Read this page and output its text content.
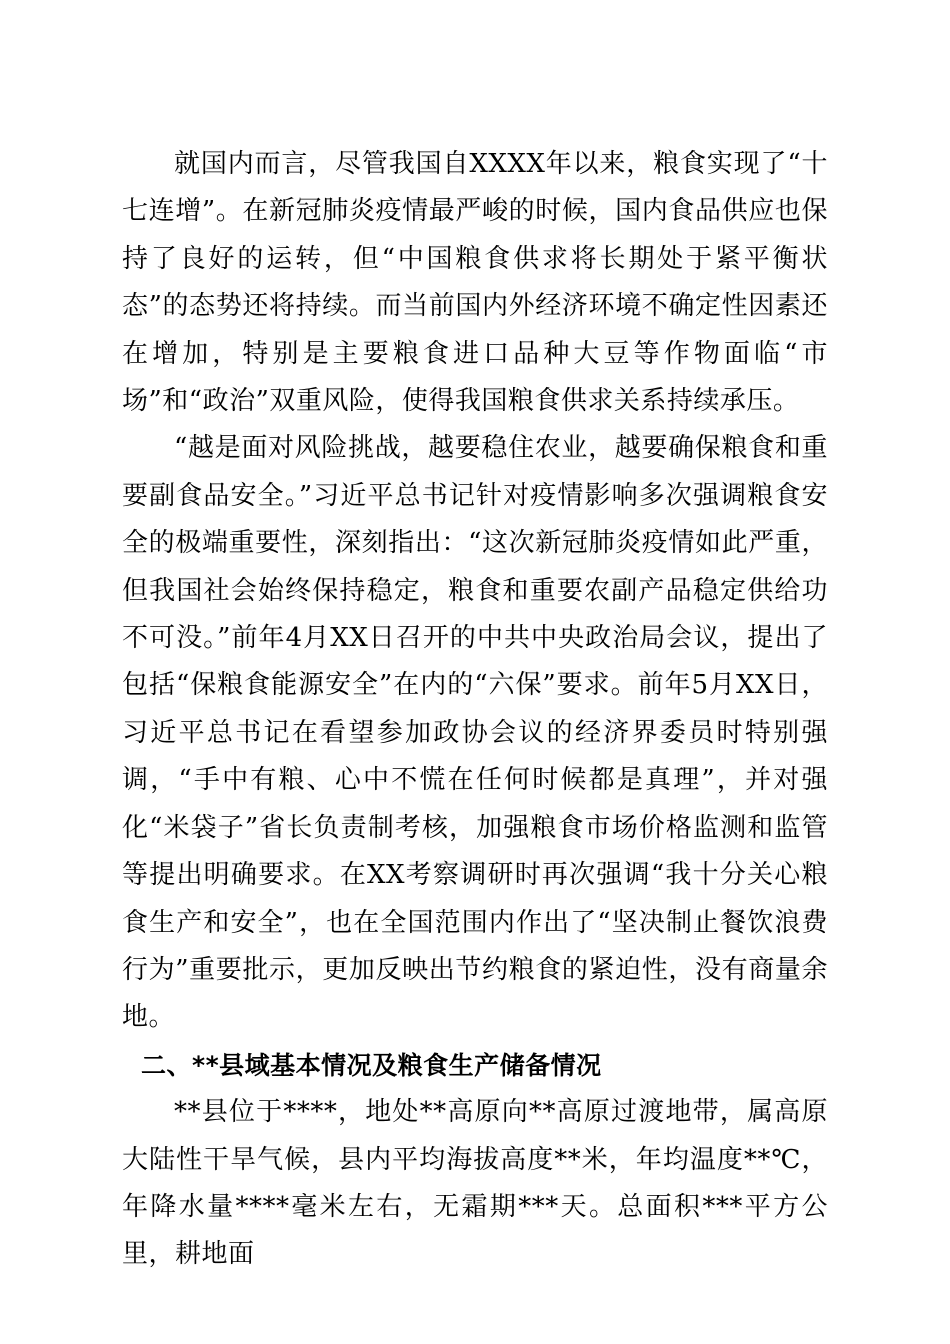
就国内而言，尽管我国自XXXX年以来，粮食实现了“十七连增”。在新冠肺炎疫情最严峻的时候，国内食品供应也保持了良好的运转，但“中国粮食供求将长期处于紧平衡状态”的态势还将持续。而当前国内外经济环境不确定性因素还在增加，特别是主要粮食进口品种大豆等作物面临“市场”和“政治”双重风险，使得我国粮食供求关系持续承压。

“越是面对风险挑战，越要稳住农业，越要确保粮食和重要副食品安全。”习近平总书记针对疫情影响多次强调粮食安全的极端重要性，深刻指出：“这次新冠肺炎疫情如此严重，但我国社会始终保持稳定，粮食和重要农副产品稳定供给功不可没。”前年4月XX日召开的中共中央政治局会议，提出了包括“保粮食能源安全”在内的“六保”要求。前年5月XX日，习近平总书记在看望参加政协会议的经济界委员时特别强调，“手中有粮、心中不慌在任何时候都是真理”，并对强化“米袋子”省长负责制考核，加强粮食市场价格监测和监管等提出明确要求。在XX考察调研时再次强调“我十分关心粮食生产和安全”，也在全国范围内作出了“坚决制止餐饮浪费行为”重要批示，更加反映出节约粮食的紧迫性，没有商量余地。

二、**县域基本情况及粮食生产储备情况

**县位于****，地处**高原向**高原过渡地带，属高原大陆性干旱气候，县内平均海拔高度**米，年均温度**℃，年降水量****毫米左右，无霜期***天。总面积***平方公里，耕地面
